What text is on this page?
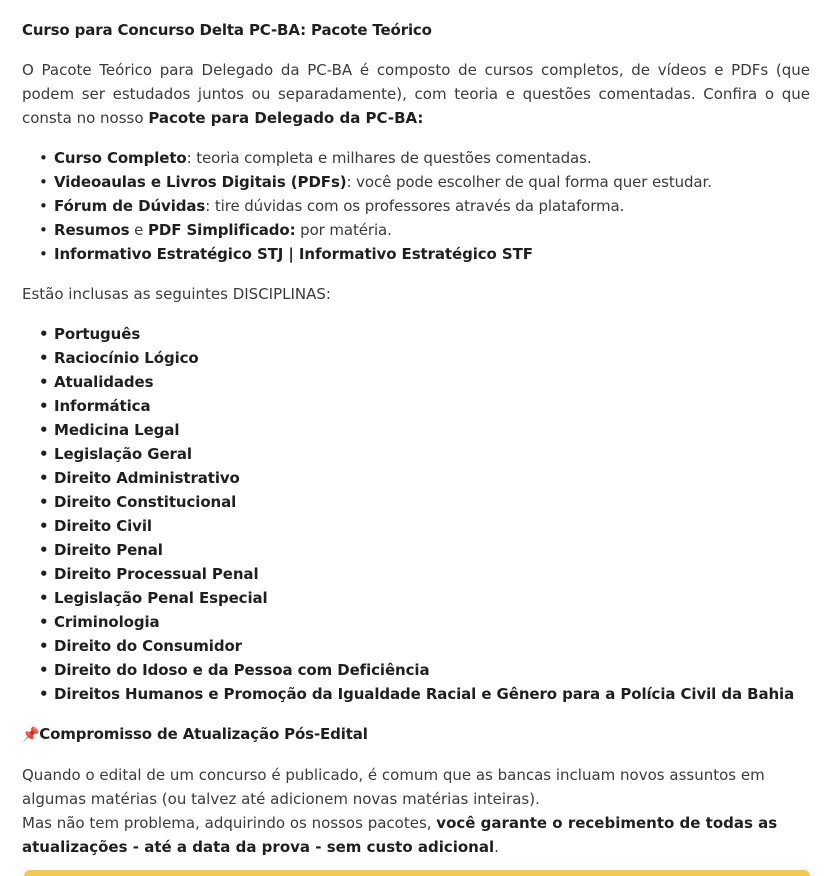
Curso para Concurso Delta PC-BA: Pacote Teórico

O Pacote Teórico para Delegado da PC-BA é composto de cursos completos, de vídeos e PDFs (que podem ser estudados juntos ou separadamente), com teoria e questões comentadas. Confira o que consta no nosso Pacote para Delegado da PC-BA:

• Curso Completo: teoria completa e milhares de questões comentadas.
• Videoaulas e Livros Digitais (PDFs): você pode escolher de qual forma quer estudar.
• Fórum de Dúvidas: tire dúvidas com os professores através da plataforma.
• Resumos e PDF Simplificado: por matéria.
• Informativo Estratégico STJ | Informativo Estratégico STF

Estão inclusas as seguintes DISCIPLINAS:

• Português
• Raciocínio Lógico
• Atualidades
• Informática
• Medicina Legal
• Legislação Geral
• Direito Administrativo
• Direito Constitucional
• Direito Civil
• Direito Penal
• Direito Processual Penal
• Legislação Penal Especial
• Criminologia
• Direito do Consumidor
• Direito do Idoso e da Pessoa com Deficiência
• Direitos Humanos e Promoção da Igualdade Racial e Gênero para a Polícia Civil da Bahia
📌Compromisso de Atualização Pós-Edital

Quando o edital de um concurso é publicado, é comum que as bancas incluam novos assuntos em algumas matérias (ou talvez até adicionem novas matérias inteiras).

Mas não tem problema, adquirindo os nossos pacotes, você garante o recebimento de todas as atualizações - até a data da prova - sem custo adicional.
